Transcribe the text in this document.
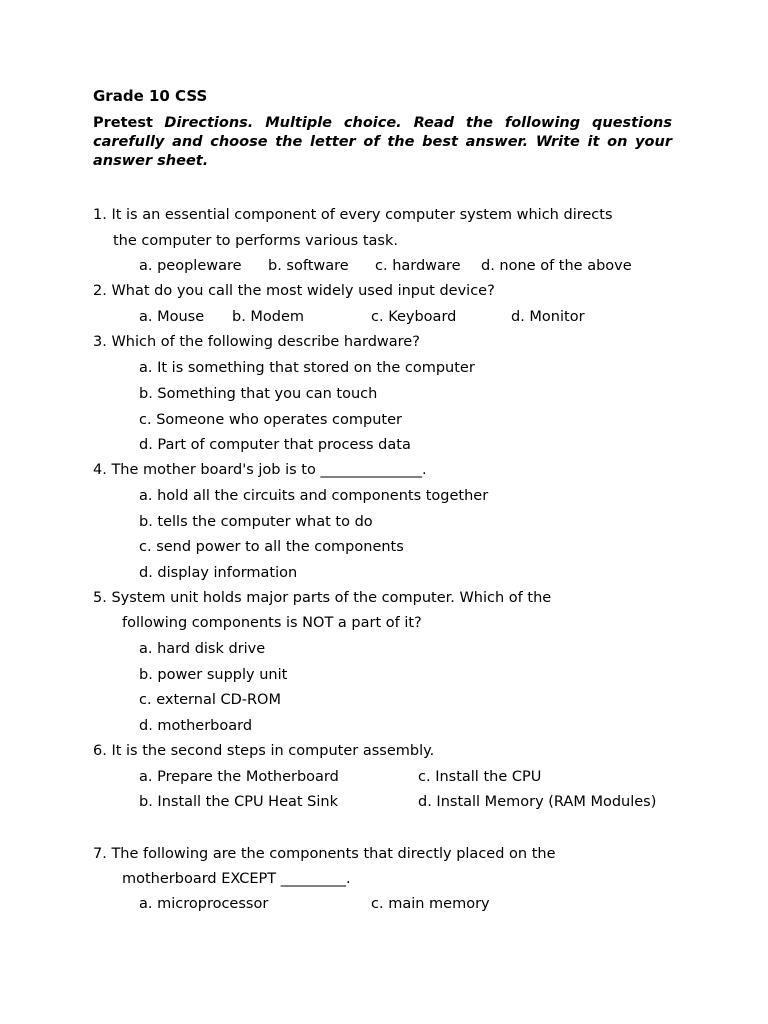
Grade 10 CSS
Pretest Directions. Multiple choice. Read the following questions carefully and choose the letter of the best answer. Write it on your answer sheet.
1. It is an essential component of every computer system which directs
the computer to performs various task.
a. peopleware b. software c. hardware d. none of the above
2. What do you call the most widely used input device?
a. Mouse b. Modem	c. Keyboard	d. Monitor
3. Which of the following describe hardware?
a. It is something that stored on the computer
b. Something that you can touch
c. Someone who operates computer
d. Part of computer that process data
4. The mother board's job is to ______________.
a. hold all the circuits and components together
b. tells the computer what to do
c. send power to all the components
d. display information
5. System unit holds major parts of the computer. Which of the
following components is NOT a part of it?
a. hard disk drive
b. power supply unit
c. external CD-ROM
d. motherboard
6. It is the second steps in computer assembly.
a. Prepare the Motherboard	c. Install the CPU
b. Install the CPU Heat Sink	d. Install Memory (RAM Modules)
7. The following are the components that directly placed on the
motherboard EXCEPT _________.
a. microprocessor	c. main memory
